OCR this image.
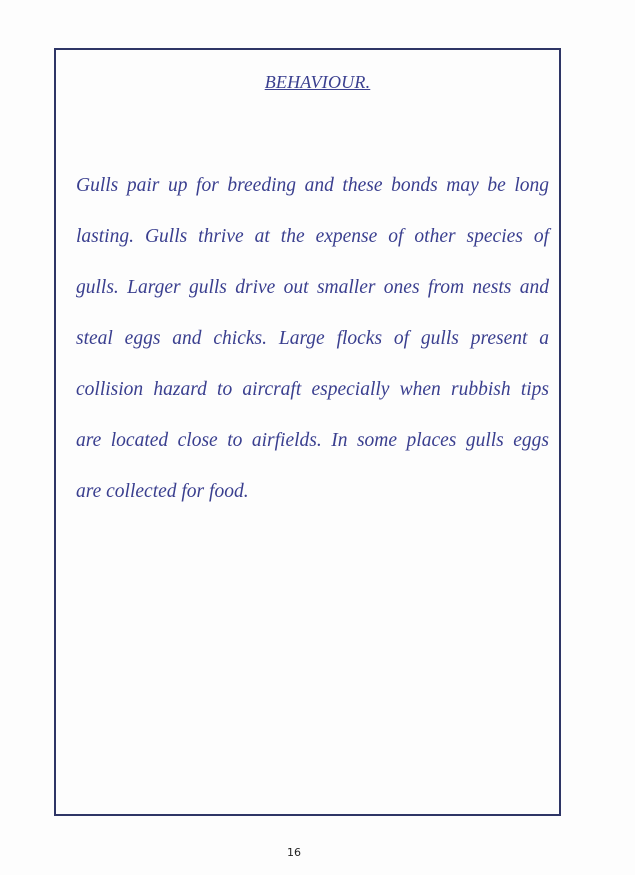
BEHAVIOUR.
Gulls pair up for breeding and these bonds may be long
lasting. Gulls thrive at the expense of other species of
gulls. Larger gulls drive out smaller ones from nests and
steal eggs and chicks. Large flocks of gulls present a
collision hazard to aircraft especially when rubbish tips
are located close to airfields. In some places gulls eggs
are collected for food.
16
